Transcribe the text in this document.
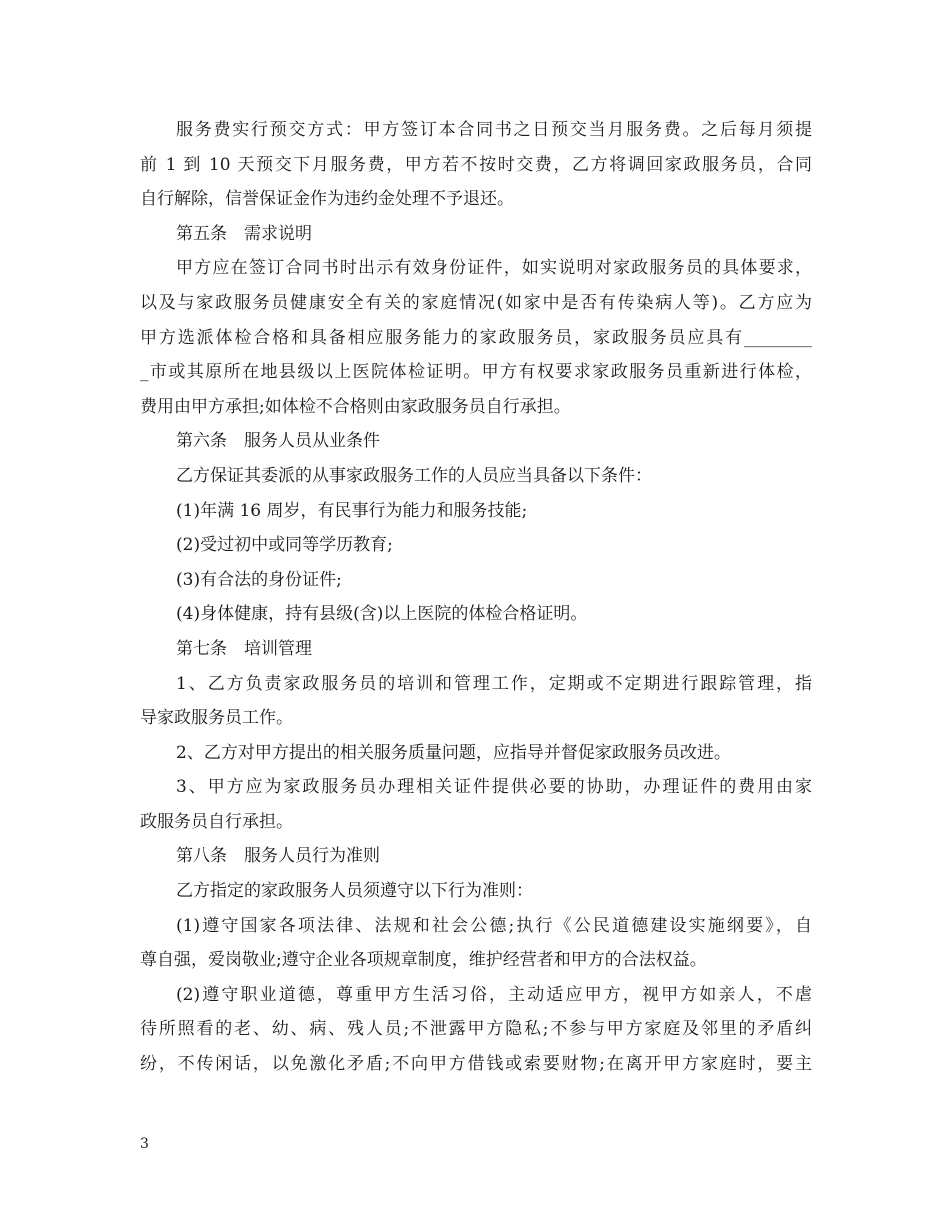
服务费实行预交方式：甲方签订本合同书之日预交当月服务费。之后每月须提
前 1 到 10 天预交下月服务费，甲方若不按时交费，乙方将调回家政服务员，合同
自行解除，信誉保证金作为违约金处理不予退还。
第五条　需求说明
甲方应在签订合同书时出示有效身份证件，如实说明对家政服务员的具体要求，
以及与家政服务员健康安全有关的家庭情况(如家中是否有传染病人等)。乙方应为
甲方选派体检合格和具备相应服务能力的家政服务员，家政服务员应具有________
_市或其原所在地县级以上医院体检证明。甲方有权要求家政服务员重新进行体检，
费用由甲方承担;如体检不合格则由家政服务员自行承担。
第六条　服务人员从业条件
乙方保证其委派的从事家政服务工作的人员应当具备以下条件：
(1)年满 16 周岁，有民事行为能力和服务技能;
(2)受过初中或同等学历教育;
(3)有合法的身份证件;
(4)身体健康，持有县级(含)以上医院的体检合格证明。
第七条　培训管理
1、乙方负责家政服务员的培训和管理工作，定期或不定期进行跟踪管理，指
导家政服务员工作。
2、乙方对甲方提出的相关服务质量问题，应指导并督促家政服务员改进。
3、甲方应为家政服务员办理相关证件提供必要的协助，办理证件的费用由家
政服务员自行承担。
第八条　服务人员行为准则
乙方指定的家政服务人员须遵守以下行为准则：
(1)遵守国家各项法律、法规和社会公德;执行《公民道德建设实施纲要》，自
尊自强，爱岗敬业;遵守企业各项规章制度，维护经营者和甲方的合法权益。
(2)遵守职业道德，尊重甲方生活习俗，主动适应甲方，视甲方如亲人，不虐
待所照看的老、幼、病、残人员;不泄露甲方隐私;不参与甲方家庭及邻里的矛盾纠
纷，不传闲话，以免激化矛盾;不向甲方借钱或索要财物;在离开甲方家庭时，要主
3
